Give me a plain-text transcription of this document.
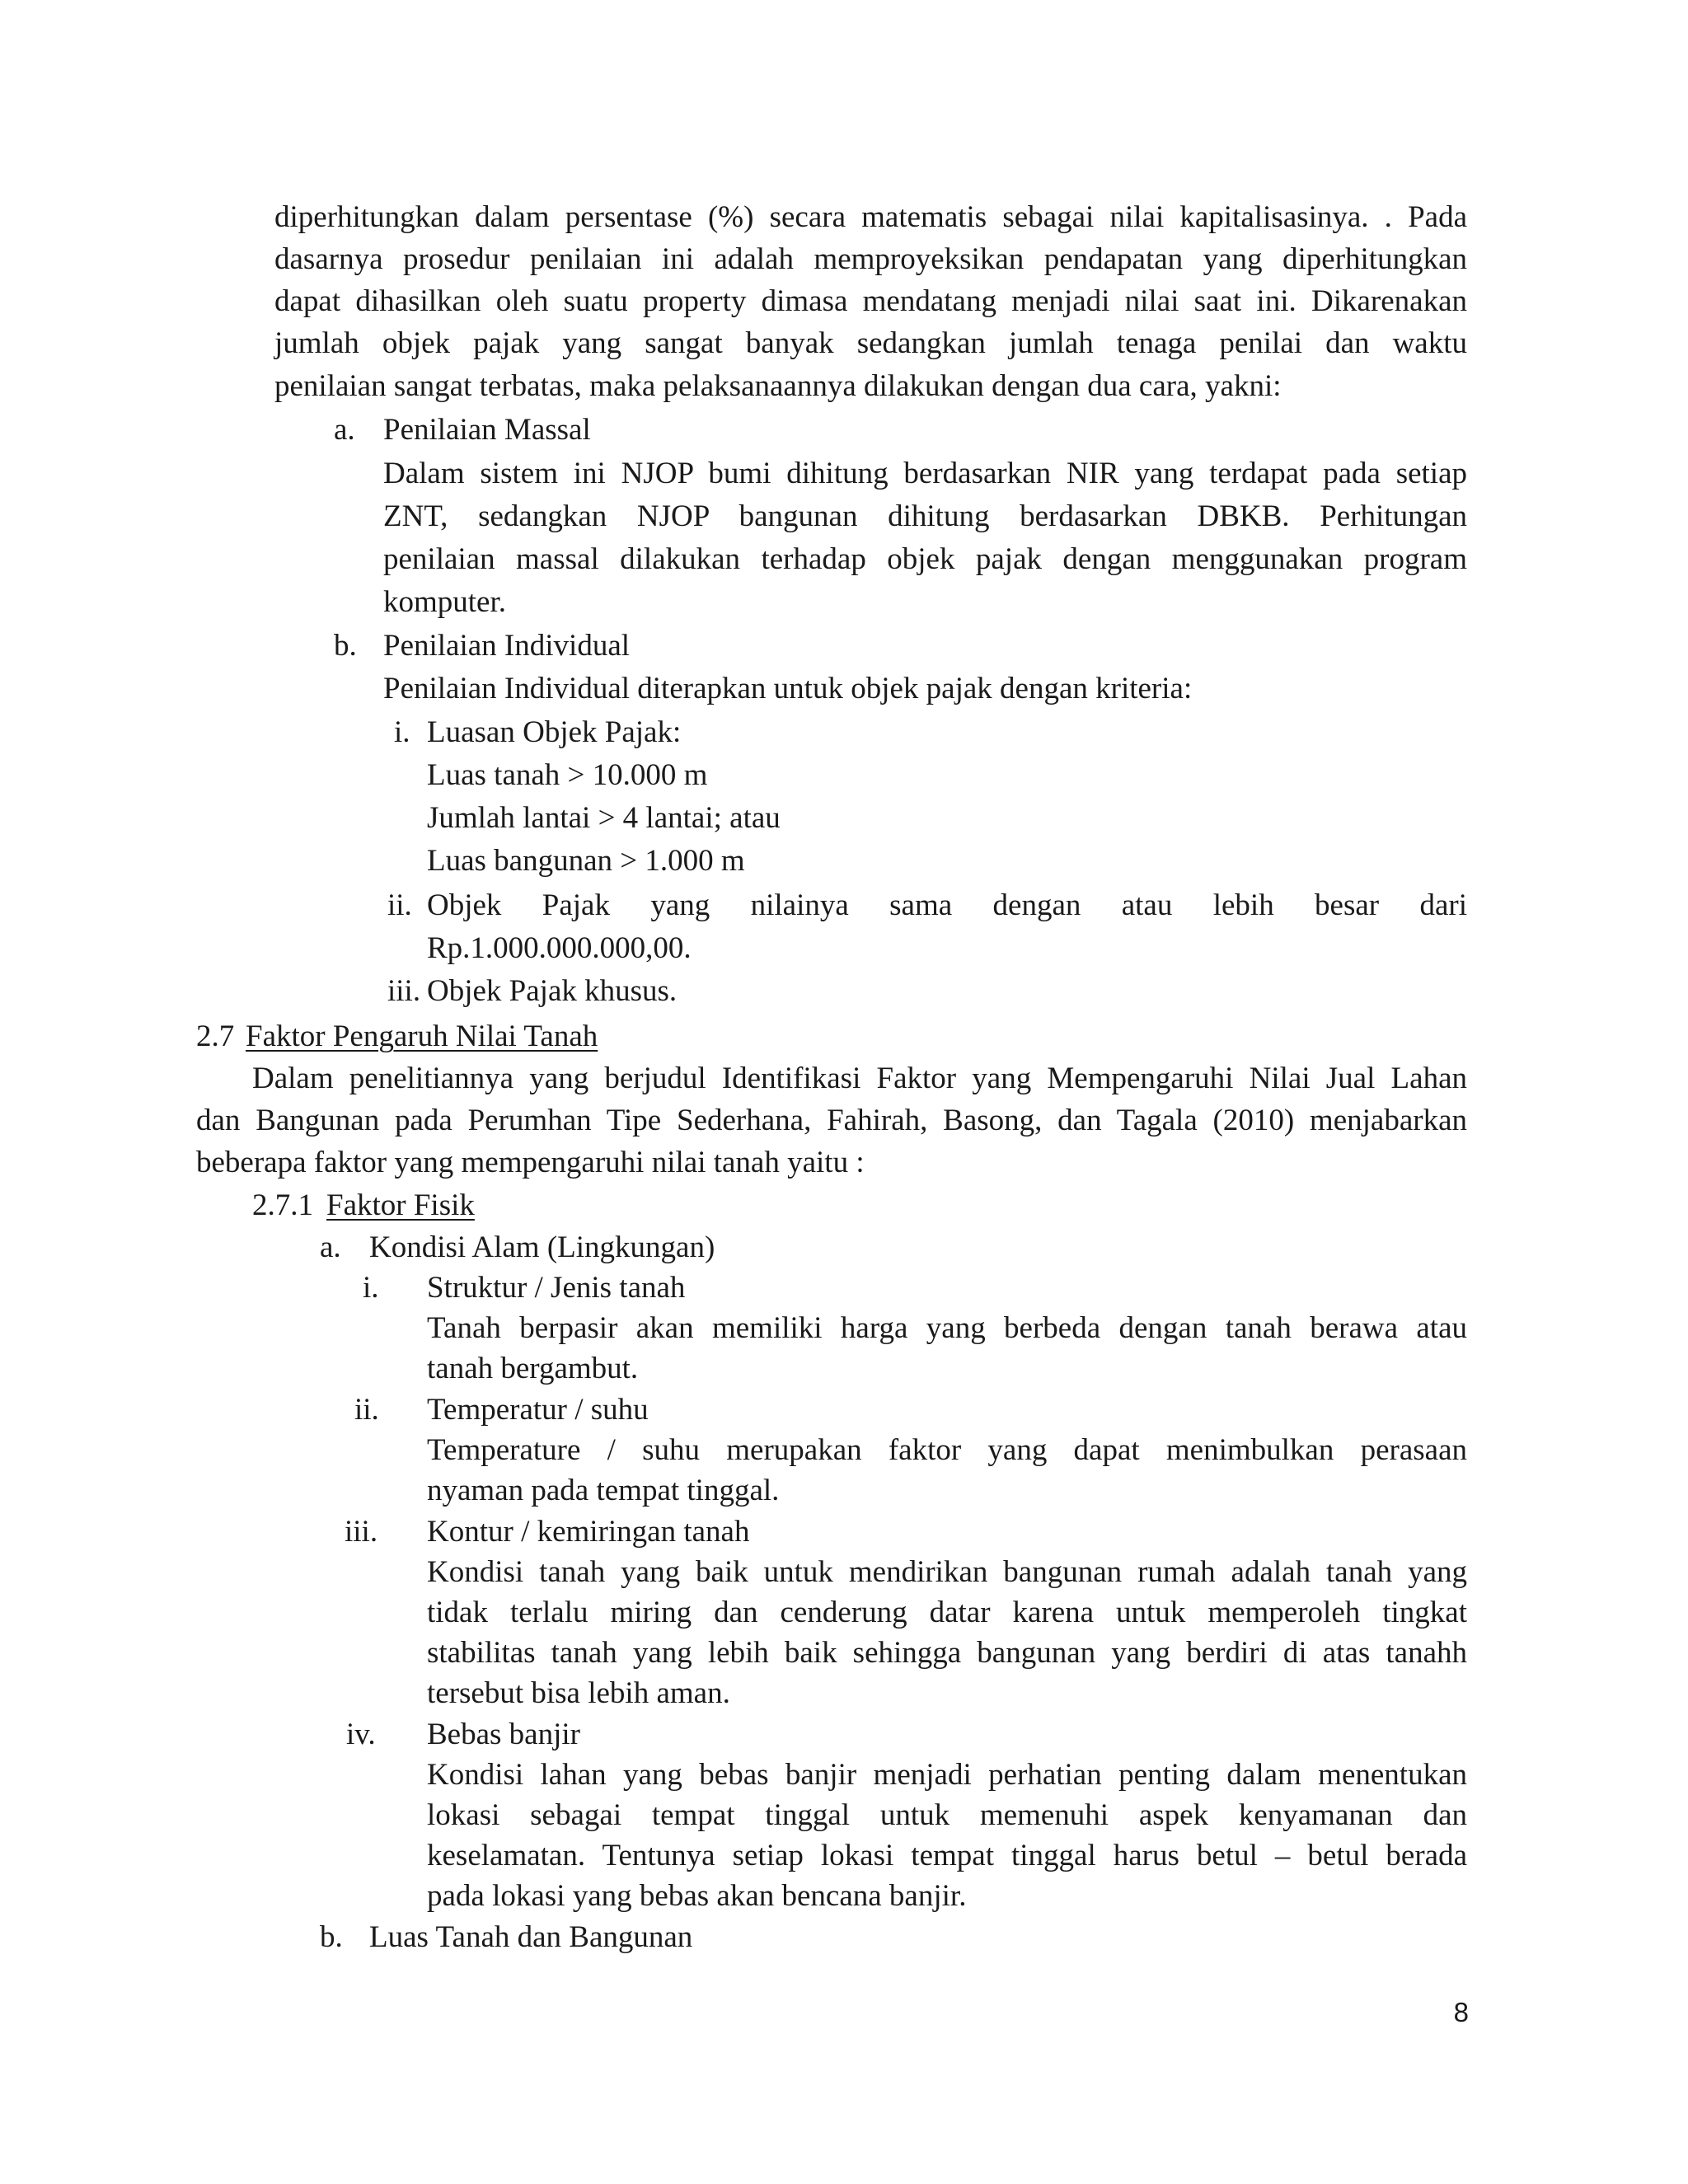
diperhitungkan dalam persentase (%) secara matematis sebagai nilai kapitalisasinya. . Pada
dasarnya prosedur penilaian ini adalah memproyeksikan pendapatan yang diperhitungkan
dapat dihasilkan oleh suatu property dimasa mendatang menjadi nilai saat ini. Dikarenakan
jumlah objek pajak yang sangat banyak sedangkan jumlah tenaga penilai dan waktu
penilaian sangat terbatas, maka pelaksanaannya dilakukan dengan dua cara, yakni:
a. Penilaian Massal
Dalam sistem ini NJOP bumi dihitung berdasarkan NIR yang terdapat pada setiap
ZNT, sedangkan NJOP bangunan dihitung berdasarkan DBKB. Perhitungan
penilaian massal dilakukan terhadap objek pajak dengan menggunakan program
komputer.
b. Penilaian Individual
Penilaian Individual diterapkan untuk objek pajak dengan kriteria:
i. Luasan Objek Pajak:
Luas tanah > 10.000 m
Jumlah lantai > 4 lantai; atau
Luas bangunan > 1.000 m
ii. Objek Pajak yang nilainya sama dengan atau lebih besar dari
Rp.1.000.000.000,00.
iii. Objek Pajak khusus.
2.7 Faktor Pengaruh Nilai Tanah
Dalam penelitiannya yang berjudul Identifikasi Faktor yang Mempengaruhi Nilai Jual Lahan
dan Bangunan pada Perumhan Tipe Sederhana, Fahirah, Basong, dan Tagala (2010) menjabarkan
beberapa faktor yang mempengaruhi nilai tanah yaitu :
2.7.1 Faktor Fisik
a. Kondisi Alam (Lingkungan)
i. Struktur / Jenis tanah
Tanah berpasir akan memiliki harga yang berbeda dengan tanah berawa atau
tanah bergambut.
ii. Temperatur / suhu
Temperature / suhu merupakan faktor yang dapat menimbulkan perasaan
nyaman pada tempat tinggal.
iii. Kontur / kemiringan tanah
Kondisi tanah yang baik untuk mendirikan bangunan rumah adalah tanah yang
tidak terlalu miring dan cenderung datar karena untuk memperoleh tingkat
stabilitas tanah yang lebih baik sehingga bangunan yang berdiri di atas tanahh
tersebut bisa lebih aman.
iv. Bebas banjir
Kondisi lahan yang bebas banjir menjadi perhatian penting dalam menentukan
lokasi sebagai tempat tinggal untuk memenuhi aspek kenyamanan dan
keselamatan. Tentunya setiap lokasi tempat tinggal harus betul – betul berada
pada lokasi yang bebas akan bencana banjir.
b. Luas Tanah dan Bangunan
8
